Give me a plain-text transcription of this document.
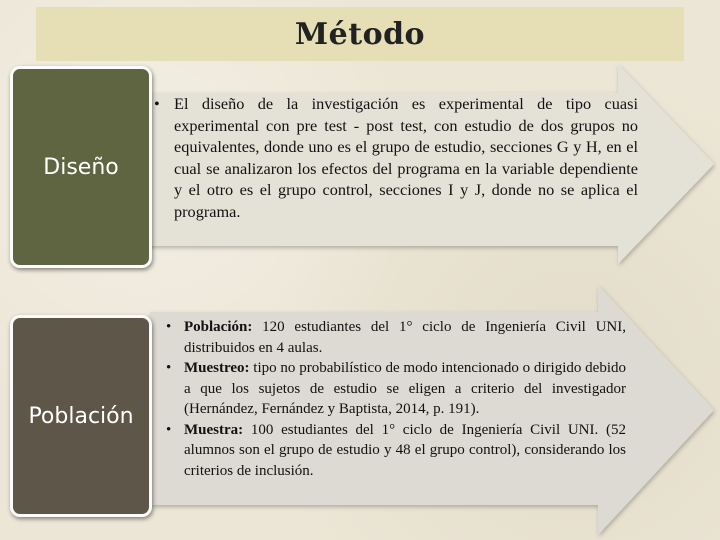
Método
Diseño
Población
• El diseño de la investigación es experimental de tipo cuasi experimental con pre test - post test, con estudio de dos grupos no equivalentes, donde uno es el grupo de estudio, secciones G y H, en el cual se analizaron los efectos del programa en la variable dependiente y el otro es el grupo control, secciones I y J, donde no se aplica el programa.
• Población: 120 estudiantes del 1° ciclo de Ingeniería Civil UNI, distribuidos en 4 aulas.
• Muestreo: tipo no probabilístico de modo intencionado o dirigido debido a que los sujetos de estudio se eligen a criterio del investigador (Hernández, Fernández y Baptista, 2014, p. 191).
• Muestra: 100 estudiantes del 1° ciclo de Ingeniería Civil UNI. (52 alumnos son el grupo de estudio y 48 el grupo control), considerando los criterios de inclusión.
